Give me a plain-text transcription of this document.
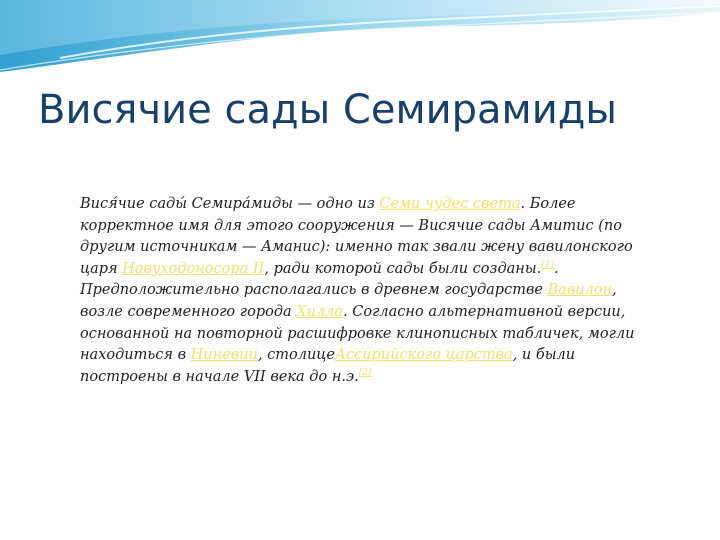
Висячие сады Семирамиды

Вися́чие сады́ Семира́миды — одно из Семи чудес света. Более корректное имя для этого сооружения — Висячие сады Амитис (по другим источникам — Аманис): именно так звали жену вавилонского царя Навуходоносора II, ради которой сады были созданы.[1]. Предположительно располагались в древнем государстве Вавилон, возле современного города Хилла. Согласно альтернативной версии, основанной на повторной расшифровке клинописных табличек, могли находиться в Ниневии, столицеАссирийского царства, и были построены в начале VII века до н.э.[2]
